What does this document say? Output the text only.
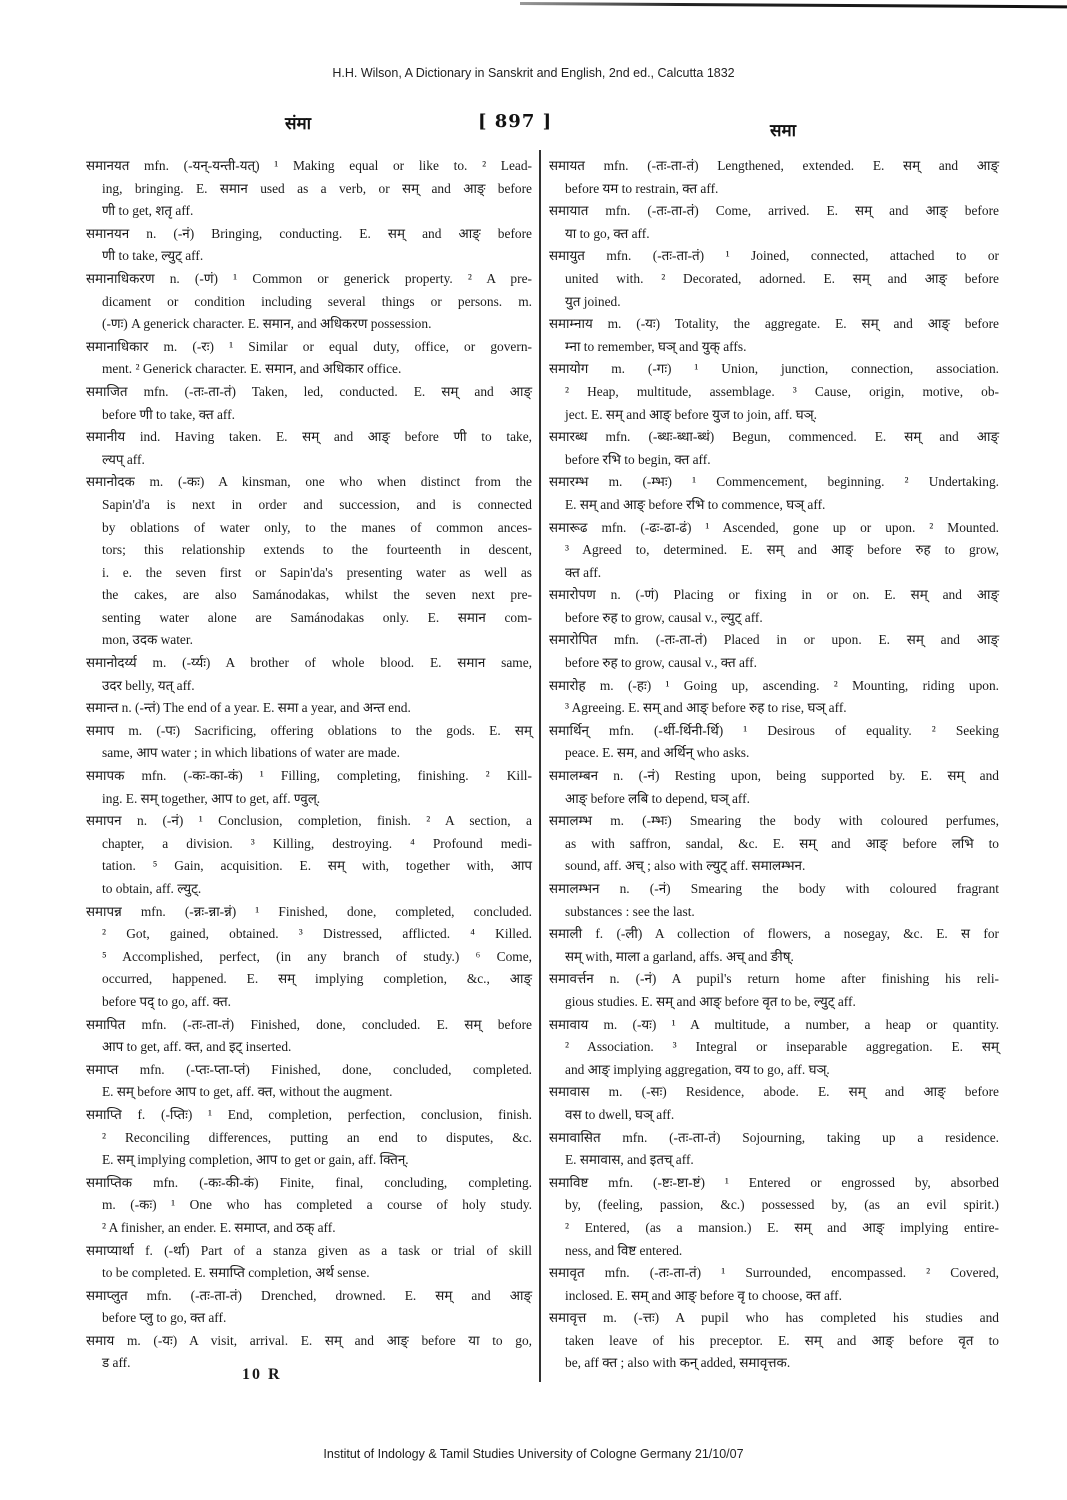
H.H. Wilson, A Dictionary in Sanskrit and English, 2nd ed., Calcutta 1832
संमा	[ 897 ]	समा
समानयत mfn. (-यन्-यन्ती-यत्) ¹ Making equal or like to. ² Lead-
ing, bringing. E. समान used as a verb, or सम् and आङ् before
णी to get, शतृ aff.
समानयन n. (-नं) Bringing, conducting. E. सम् and आङ् before
णी to take, ल्युट् aff.
समानाधिकरण n. (-णं) ¹ Common or generick property. ² A pre-
dicament or condition including several things or persons. m.
(-णः) A generick character. E. समान, and अधिकरण possession.
समानाधिकार m. (-रः) ¹ Similar or equal duty, office, or govern-
ment. ² Generick character. E. समान, and अधिकार office.
समाजित mfn. (-तः-ता-तं) Taken, led, conducted. E. सम् and आङ्
before णी to take, क्त aff.
समानीय ind. Having taken. E. सम् and आङ् before णी to take,
ल्यप् aff.
समानोदक m. (-कः) A kinsman, one who when distinct from the
Sapin'd'a is next in order and succession, and is connected
by oblations of water only, to the manes of common ances-
tors; this relationship extends to the fourteenth in descent,
i. e. the seven first or Sapin'da's presenting water as well as
the cakes, are also Samánodakas, whilst the seven next pre-
senting water alone are Samánodakas only. E. समान com-
mon, उदक water.
समानोदर्य्य m. (-र्य्यः) A brother of whole blood. E. समान same,
उदर belly, यत् aff.
समान्त n. (-न्तं) The end of a year. E. समा a year, and अन्त end.
समाप m. (-पः) Sacrificing, offering oblations to the gods. E. सम्
same, आप water ; in which libations of water are made.
समापक mfn. (-कः-का-कं) ¹ Filling, completing, finishing. ² Kill-
ing. E. सम् together, आप to get, aff. ण्वुल्.
समापन n. (-नं) ¹ Conclusion, completion, finish. ² A section, a
chapter, a division. ³ Killing, destroying. ⁴ Profound medi-
tation. ⁵ Gain, acquisition. E. सम् with, together with, आप
to obtain, aff. ल्युट्.
समापन्न mfn. (-न्नः-न्ना-न्नं) ¹ Finished, done, completed, concluded.
² Got, gained, obtained. ³ Distressed, afflicted. ⁴ Killed.
⁵ Accomplished, perfect, (in any branch of study.) ⁶ Come,
occurred, happened. E. सम् implying completion, &c., आङ्
before पद् to go, aff. क्त.
समापित mfn. (-तः-ता-तं) Finished, done, concluded. E. सम् before
आप to get, aff. क्त, and इट् inserted.
समाप्त mfn. (-प्तः-प्ता-प्तं) Finished, done, concluded, completed.
E. सम् before आप to get, aff. क्त, without the augment.
समाप्ति f. (-प्तिः) ¹ End, completion, perfection, conclusion, finish.
² Reconciling differences, putting an end to disputes, &c.
E. सम् implying completion, आप to get or gain, aff. क्तिन्.
समाप्तिक mfn. (-कः-की-कं) Finite, final, concluding, completing.
m. (-कः) ¹ One who has completed a course of holy study.
² A finisher, an ender. E. समाप्त, and ठक् aff.
समाप्यार्था f. (-र्था) Part of a stanza given as a task or trial of skill
to be completed. E. समाप्ति completion, अर्थ sense.
समाप्लुत mfn. (-तः-ता-तं) Drenched, drowned. E. सम् and आङ्
before प्लु to go, क्त aff.
समाय m. (-यः) A visit, arrival. E. सम् and आङ् before या to go,
ड aff.
समायत mfn. (-तः-ता-तं) Lengthened, extended. E. सम् and आङ्
before यम to restrain, क्त aff.
समायात mfn. (-तः-ता-तं) Come, arrived. E. सम् and आङ् before
या to go, क्त aff.
समायुत mfn. (-तः-ता-तं) ¹ Joined, connected, attached to or
united with. ² Decorated, adorned. E. सम् and आङ् before
युत joined.
समाम्नाय m. (-यः) Totality, the aggregate. E. सम् and आङ् before
म्ना to remember, घञ् and युक् affs.
समायोग m. (-गः) ¹ Union, junction, connection, association.
² Heap, multitude, assemblage. ³ Cause, origin, motive, ob-
ject. E. सम् and आङ् before युज to join, aff. घञ्.
समारब्ध mfn. (-ब्धः-ब्धा-ब्धं) Begun, commenced. E. सम् and आङ्
before रभि to begin, क्त aff.
समारम्भ m. (-म्भः) ¹ Commencement, beginning. ² Undertaking.
E. सम् and आङ् before रभि to commence, घञ् aff.
समारूढ mfn. (-ढः-ढा-ढं) ¹ Ascended, gone up or upon. ² Mounted.
³ Agreed to, determined. E. सम् and आङ् before रुह to grow,
क्त aff.
समारोपण n. (-णं) Placing or fixing in or on. E. सम् and आङ्
before रुह to grow, causal v., ल्युट् aff.
समारोपित mfn. (-तः-ता-तं) Placed in or upon. E. सम् and आङ्
before रुह to grow, causal v., क्त aff.
समारोह m. (-हः) ¹ Going up, ascending. ² Mounting, riding upon.
³ Agreeing. E. सम् and आङ् before रुह to rise, घञ् aff.
समार्थिन् mfn. (-र्थी-र्थिनी-र्थि) ¹ Desirous of equality. ² Seeking
peace. E. सम, and अर्थिन् who asks.
समालम्बन n. (-नं) Resting upon, being supported by. E. सम् and
आङ् before लबि to depend, घञ् aff.
समालम्भ m. (-म्भः) Smearing the body with coloured perfumes,
as with saffron, sandal, &c. E. सम् and आङ् before लभि to
sound, aff. अच् ; also with ल्युट् aff. समालम्भन.
समालम्भन n. (-नं) Smearing the body with coloured fragrant
substances : see the last.
समाली f. (-ली) A collection of flowers, a nosegay, &c. E. स for
सम् with, माला a garland, affs. अच् and ङीष्.
समावर्त्तन n. (-नं) A pupil's return home after finishing his reli-
gious studies. E. सम् and आङ् before वृत to be, ल्युट् aff.
समावाय m. (-यः) ¹ A multitude, a number, a heap or quantity.
² Association. ³ Integral or inseparable aggregation. E. सम्
and आङ् implying aggregation, वय to go, aff. घञ्.
समावास m. (-सः) Residence, abode. E. सम् and आङ् before
वस to dwell, घञ् aff.
समावासित mfn. (-तः-ता-तं) Sojourning, taking up a residence.
E. समावास, and इतच् aff.
समाविष्ट mfn. (-ष्टः-ष्टा-ष्टं) ¹ Entered or engrossed by, absorbed
by, (feeling, passion, &c.) possessed by, (as an evil spirit.)
² Entered, (as a mansion.) E. सम् and आङ् implying entire-
ness, and विष्ट entered.
समावृत mfn. (-तः-ता-तं) ¹ Surrounded, encompassed. ² Covered,
inclosed. E. सम् and आङ् before वृ to choose, क्त aff.
समावृत्त m. (-त्तः) A pupil who has completed his studies and
taken leave of his preceptor. E. सम् and आङ् before वृत to
be, aff क्त ; also with कन् added, समावृत्तक.
10 R
Institut of Indology & Tamil Studies University of Cologne Germany 21/10/07
